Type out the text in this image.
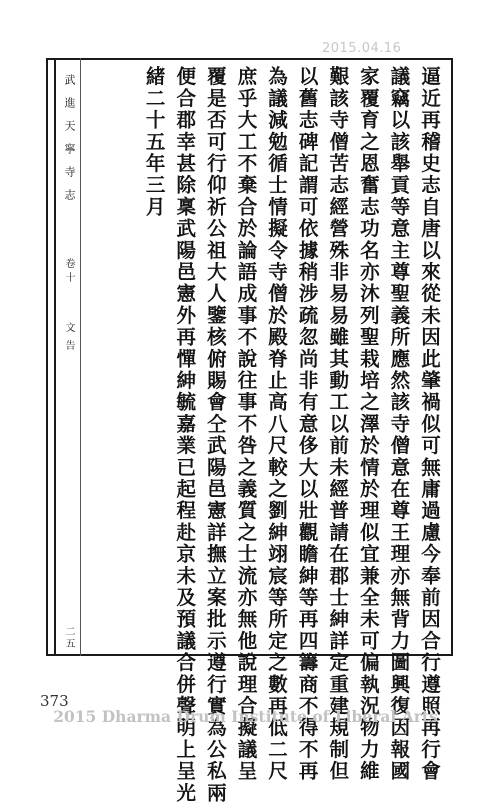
2015.04.16
武進天寧寺志
卷十
文告
二五	逼近再稽史志自唐以來從未因此肇禍似可無庸過慮今奉前因合行遵照再行會
議竊以該舉貢等意主尊聖義所應然該寺僧意在尊王理亦無背力圖興復因報國
家覆育之恩奮志功名亦沐列聖栽培之澤於情於理似宜兼全未可偏執況物力維
艱該寺僧苦志經營殊非易易雖其動工以前未經普請在郡士紳詳定重建規制但
以舊志碑記謂可依據稍涉疏忽尚非有意侈大以壯觀瞻紳等再四籌商不得不再
為議減勉循士情擬令寺僧於殿脊止高八尺較之劉紳翊宸等所定之數再低二尺
庶乎大工不棄合於論語成事不說往事不咎之義質之士流亦無他說理合擬議呈
覆是否可行仰祈公祖大人鑒核俯賜會仝武陽邑憲詳撫立案批示遵行實為公私兩
便合郡幸甚除稟武陽邑憲外再憚紳毓嘉業已起程赴京未及預議合併聲明上呈光
緒二十五年三月
373
2015 Dharma Drum Institute of Liberal Arts
